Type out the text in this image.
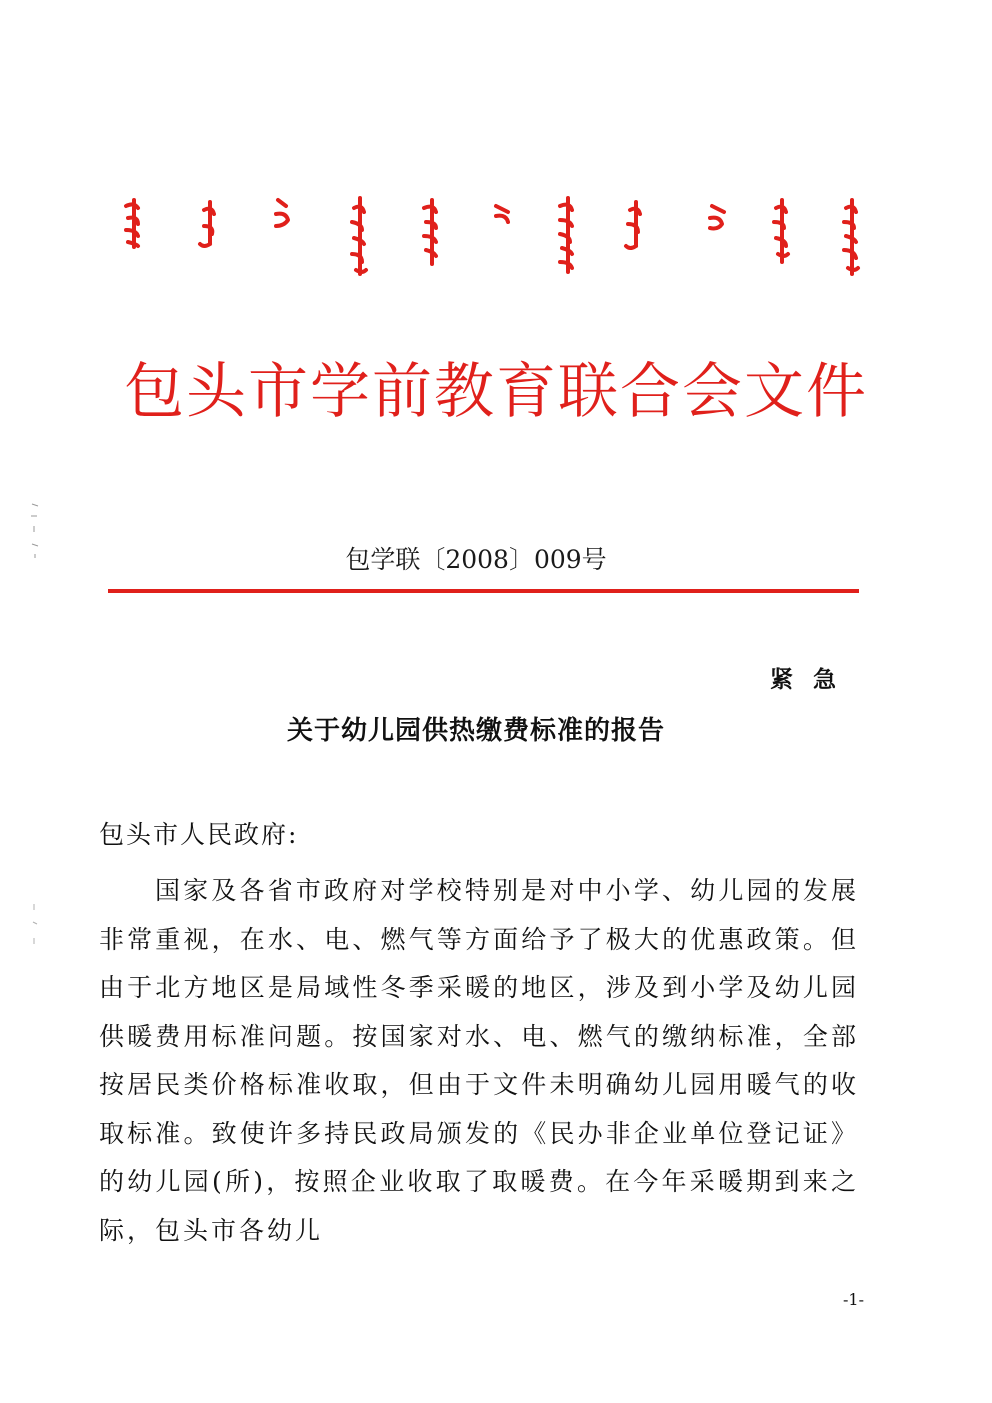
包头市学前教育联合会文件
包学联〔2008〕009号
紧急
关于幼儿园供热缴费标准的报告
包头市人民政府:

国家及各省市政府对学校特别是对中小学、幼儿园的发展非常重视，在水、电、燃气等方面给予了极大的优惠政策。但由于北方地区是局域性冬季采暖的地区，涉及到小学及幼儿园供暖费用标准问题。按国家对水、电、燃气的缴纳标准，全部按居民类价格标准收取，但由于文件未明确幼儿园用暖气的收取标准。致使许多持民政局颁发的《民办非企业单位登记证》的幼儿园(所)，按照企业收取了取暖费。在今年采暖期到来之际，包头市各幼儿

-1-
